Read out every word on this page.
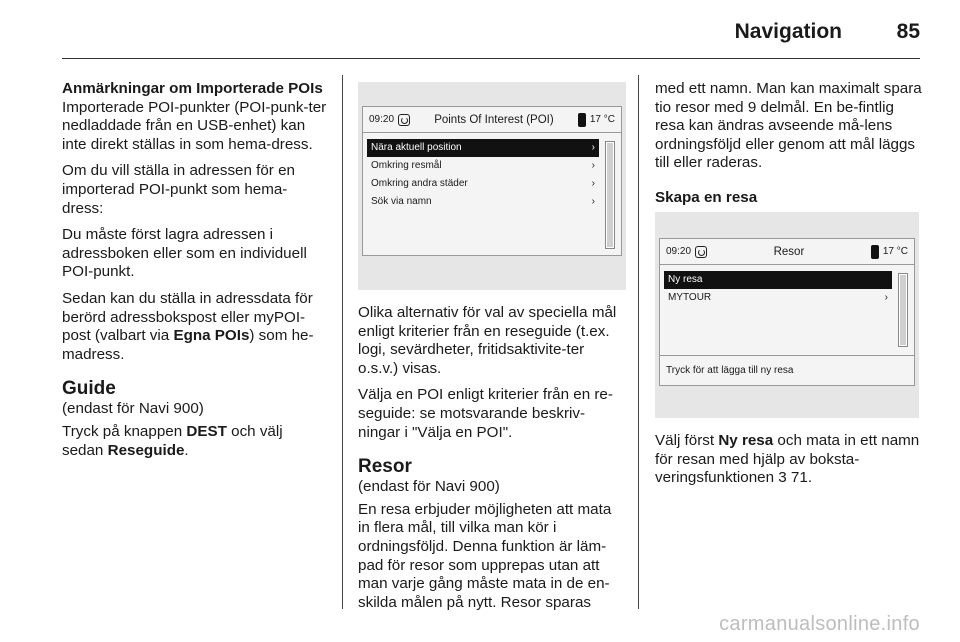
Navigation	85
Anmärkningar om Importerade POIs

Importerade POI-punkter (POI-punk-ter nedladdade från en USB-enhet) kan inte direkt ställas in som hema-dress.

Om du vill ställa in adressen för en importerad POI-punkt som hema-dress:

Du måste först lagra adressen i adressboken eller som en individuell POI-punkt.

Sedan kan du ställa in adressdata för berörd adressbokspost eller myPOI-post (valbart via Egna POIs) som he-madress.

Guide

(endast för Navi 900)

Tryck på knappen DEST och välj sedan Reseguide.

09:20	Points Of Interest (POI)	17 °C
Nära aktuell position	›
Omkring resmål	›
Omkring andra städer	›
Sök via namn	›

Olika alternativ för val av speciella mål enligt kriterier från en reseguide (t.ex. logi, sevärdheter, fritidsaktivite-ter o.s.v.) visas.

Välja en POI enligt kriterier från en re-seguide: se motsvarande beskriv-ningar i "Välja en POI".

Resor

(endast för Navi 900)

En resa erbjuder möjligheten att mata in flera mål, till vilka man kör i ordningsföljd. Denna funktion är läm-pad för resor som upprepas utan att man varje gång måste mata in de en-skilda målen på nytt. Resor sparas

med ett namn. Man kan maximalt spara tio resor med 9 delmål. En be-fintlig resa kan ändras avseende må-lens ordningsföljd eller genom att mål läggs till eller raderas.

Skapa en resa

09:20	Resor	17 °C
Ny resa
MYTOUR	›
Tryck för att lägga till ny resa

Välj först Ny resa och mata in ett namn för resan med hjälp av boksta-veringsfunktionen 3 71.

carmanualsonline.info
